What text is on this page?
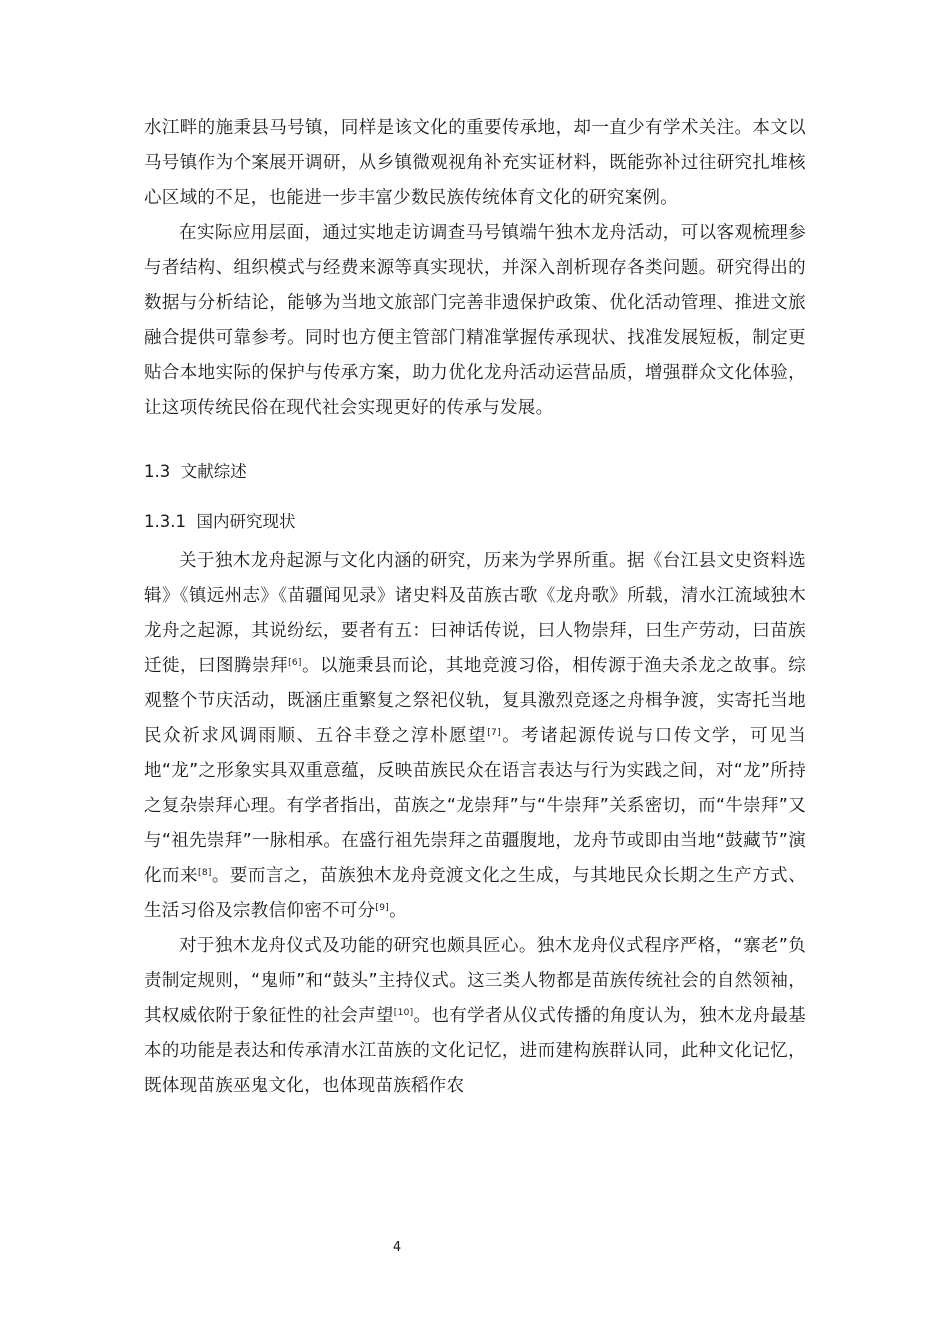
水江畔的施秉县马号镇，同样是该文化的重要传承地，却一直少有学术关注。本文以马号镇作为个案展开调研，从乡镇微观视角补充实证材料，既能弥补过往研究扎堆核心区域的不足，也能进一步丰富少数民族传统体育文化的研究案例。

在实际应用层面，通过实地走访调查马号镇端午独木龙舟活动，可以客观梳理参与者结构、组织模式与经费来源等真实现状，并深入剖析现存各类问题。研究得出的数据与分析结论，能够为当地文旅部门完善非遗保护政策、优化活动管理、推进文旅融合提供可靠参考。同时也方便主管部门精准掌握传承现状、找准发展短板，制定更贴合本地实际的保护与传承方案，助力优化龙舟活动运营品质，增强群众文化体验，让这项传统民俗在现代社会实现更好的传承与发展。

1.3 文献综述
1.3.1 国内研究现状

关于独木龙舟起源与文化内涵的研究，历来为学界所重。据《台江县文史资料选辑》《镇远州志》《苗疆闻见录》诸史料及苗族古歌《龙舟歌》所载，清水江流域独木龙舟之起源，其说纷纭，要者有五：曰神话传说，曰人物崇拜，曰生产劳动，曰苗族迁徙，曰图腾崇拜[6]。以施秉县而论，其地竞渡习俗，相传源于渔夫杀龙之故事。综观整个节庆活动，既涵庄重繁复之祭祀仪轨，复具激烈竞逐之舟楫争渡，实寄托当地民众祈求风调雨顺、五谷丰登之淳朴愿望[7]。考诸起源传说与口传文学，可见当地“龙”之形象实具双重意蕴，反映苗族民众在语言表达与行为实践之间，对“龙”所持之复杂崇拜心理。有学者指出，苗族之“龙崇拜”与“牛崇拜”关系密切，而“牛崇拜”又与“祖先崇拜”一脉相承。在盛行祖先崇拜之苗疆腹地，龙舟节或即由当地“鼓藏节”演化而来[8]。要而言之，苗族独木龙舟竞渡文化之生成，与其地民众长期之生产方式、生活习俗及宗教信仰密不可分[9]。

对于独木龙舟仪式及功能的研究也颇具匠心。独木龙舟仪式程序严格，“寨老”负责制定规则，“鬼师”和“鼓头”主持仪式。这三类人物都是苗族传统社会的自然领袖，其权威依附于象征性的社会声望[10]。也有学者从仪式传播的角度认为，独木龙舟最基本的功能是表达和传承清水江苗族的文化记忆，进而建构族群认同，此种文化记忆，既体现苗族巫鬼文化，也体现苗族稻作农

4
